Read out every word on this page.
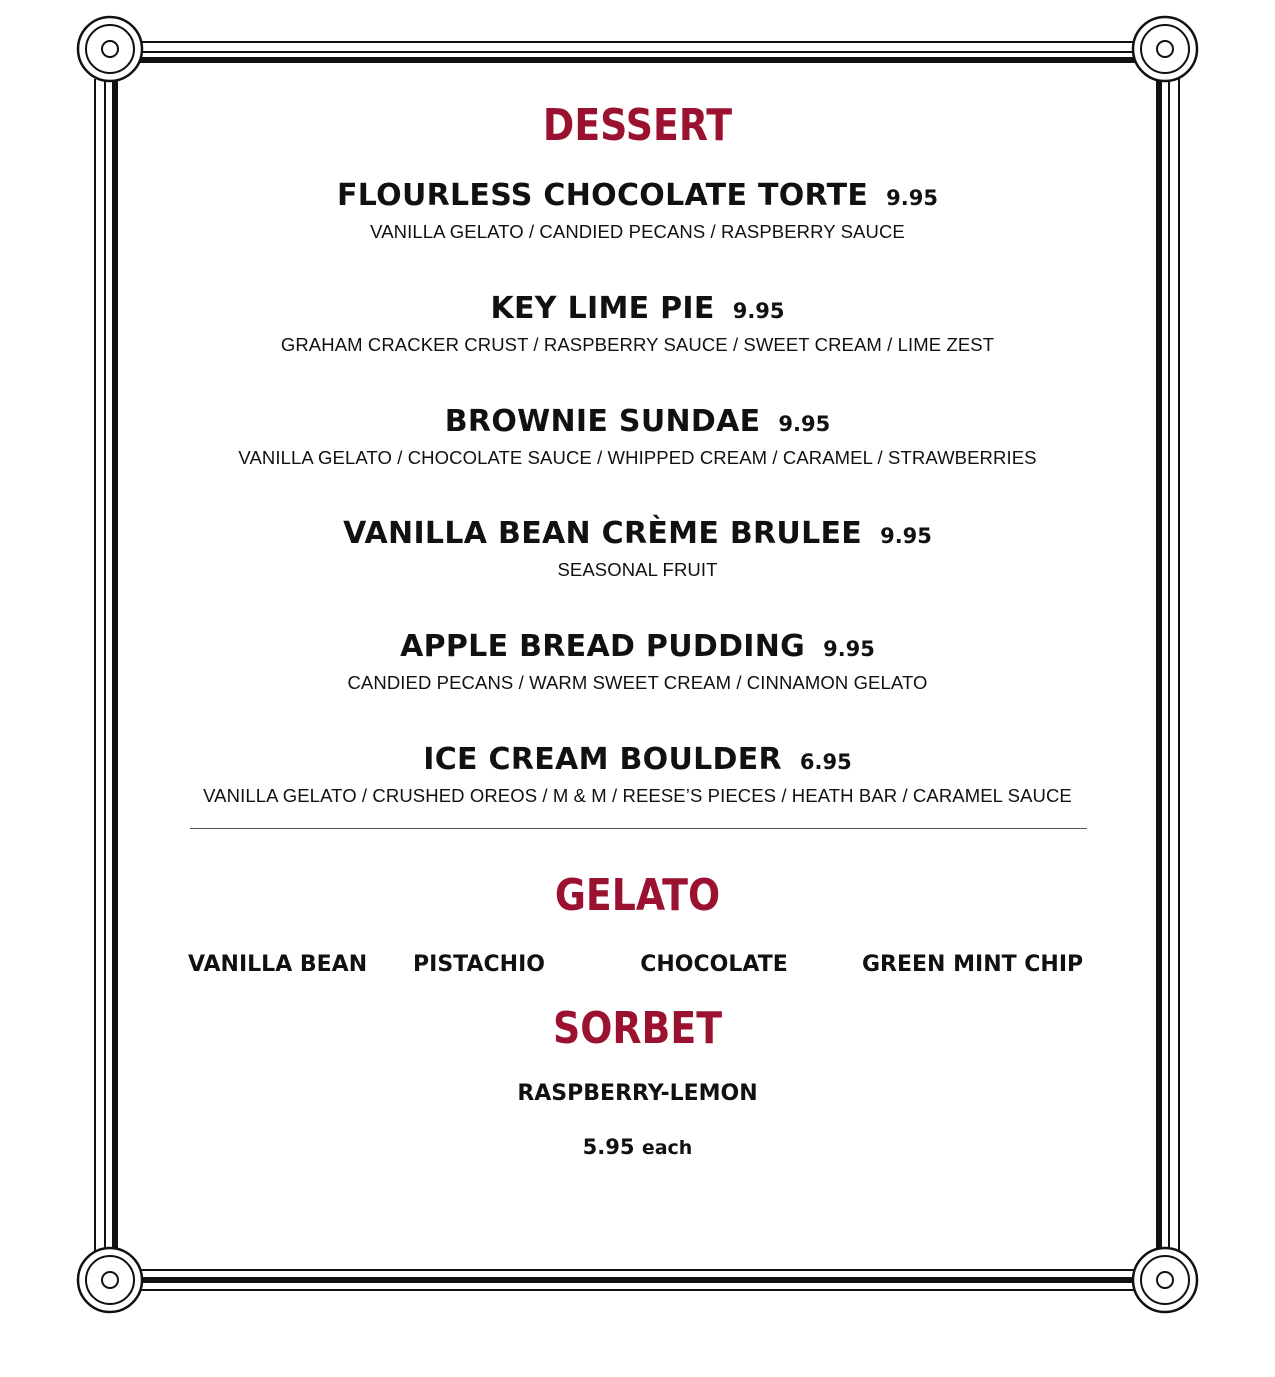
DESSERT
FLOURLESS CHOCOLATE TORTE 9.95
VANILLA GELATO / CANDIED PECANS / RASPBERRY SAUCE
KEY LIME PIE 9.95
GRAHAM CRACKER CRUST / RASPBERRY SAUCE / SWEET CREAM / LIME ZEST
BROWNIE SUNDAE 9.95
VANILLA GELATO / CHOCOLATE SAUCE / WHIPPED CREAM / CARAMEL / STRAWBERRIES
VANILLA BEAN CRÈME BRULEE 9.95
SEASONAL FRUIT
APPLE BREAD PUDDING 9.95
CANDIED PECANS / WARM SWEET CREAM / CINNAMON GELATO
ICE CREAM BOULDER 6.95
VANILLA GELATO / CRUSHED OREOS / M & M / REESE’S PIECES / HEATH BAR / CARAMEL SAUCE
GELATO
VANILLA BEAN PISTACHIO	CHOCOLATE	GREEN MINT CHIP
SORBET
RASPBERRY-LEMON
5.95 each
